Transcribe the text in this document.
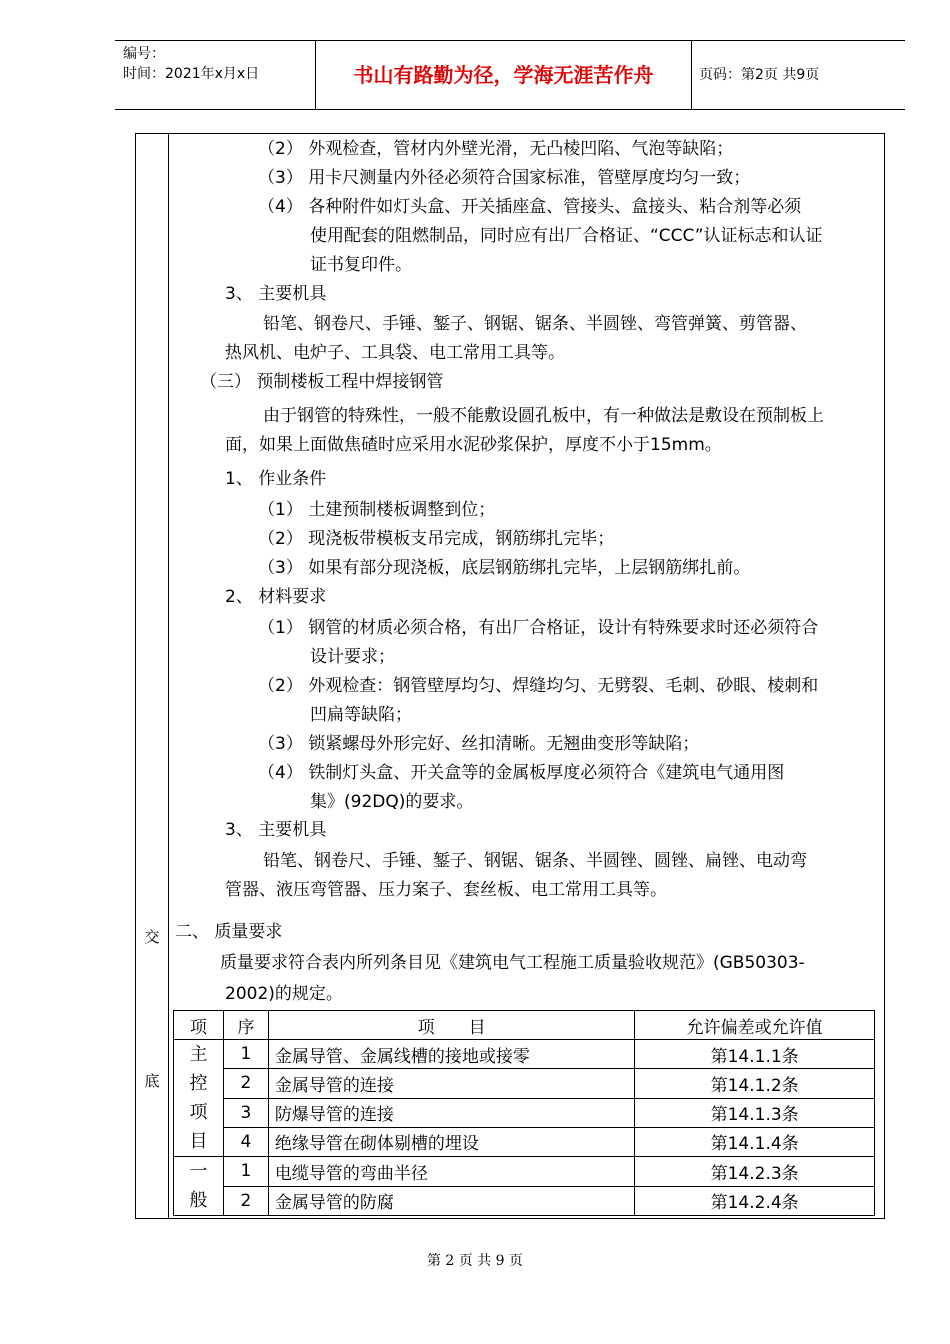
编号：
时间：2021年x月x日	书山有路勤为径，学海无涯苦作舟	页码：第2页 共9页
交
底
（2） 外观检查，管材内外壁光滑，无凸棱凹陷、气泡等缺陷；
（3） 用卡尺测量内外径必须符合国家标准，管壁厚度均匀一致；
（4） 各种附件如灯头盒、开关插座盒、管接头、盒接头、粘合剂等必须
使用配套的阻燃制品，同时应有出厂合格证、“CCC”认证标志和认证
证书复印件。
3、 主要机具
铅笔、钢卷尺、手锤、錾子、钢锯、锯条、半圆锉、弯管弹簧、剪管器、
热风机、电炉子、工具袋、电工常用工具等。
（三） 预制楼板工程中焊接钢管
由于钢管的特殊性，一般不能敷设圆孔板中，有一种做法是敷设在预制板上
面，如果上面做焦碴时应采用水泥砂浆保护，厚度不小于15mm。
1、 作业条件
（1） 土建预制楼板调整到位；
（2） 现浇板带模板支吊完成，钢筋绑扎完毕；
（3） 如果有部分现浇板，底层钢筋绑扎完毕，上层钢筋绑扎前。
2、 材料要求
（1） 钢管的材质必须合格，有出厂合格证，设计有特殊要求时还必须符合
设计要求；
（2） 外观检查：钢管壁厚均匀、焊缝均匀、无劈裂、毛刺、砂眼、棱刺和
凹扁等缺陷；
（3） 锁紧螺母外形完好、丝扣清晰。无翘曲变形等缺陷；
（4） 铁制灯头盒、开关盒等的金属板厚度必须符合《建筑电气通用图
集》(92DQ)的要求。
3、 主要机具
铅笔、钢卷尺、手锤、錾子、钢锯、锯条、半圆锉、圆锉、扁锉、电动弯
管器、液压弯管器、压力案子、套丝板、电工常用工具等。
二、 质量要求
质量要求符合表内所列条目见《建筑电气工程施工质量验收规范》(GB50303-
2002)的规定。
项	序	项　　目	允许偏差或允许值
主控项目	1	金属导管、金属线槽的接地或接零	第14.1.1条
	2	金属导管的连接	第14.1.2条
	3	防爆导管的连接	第14.1.3条
	4	绝缘导管在砌体剔槽的埋设	第14.1.4条
一般	1	电缆导管的弯曲半径	第14.2.3条
	2	金属导管的防腐	第14.2.4条
第 2 页 共 9 页
